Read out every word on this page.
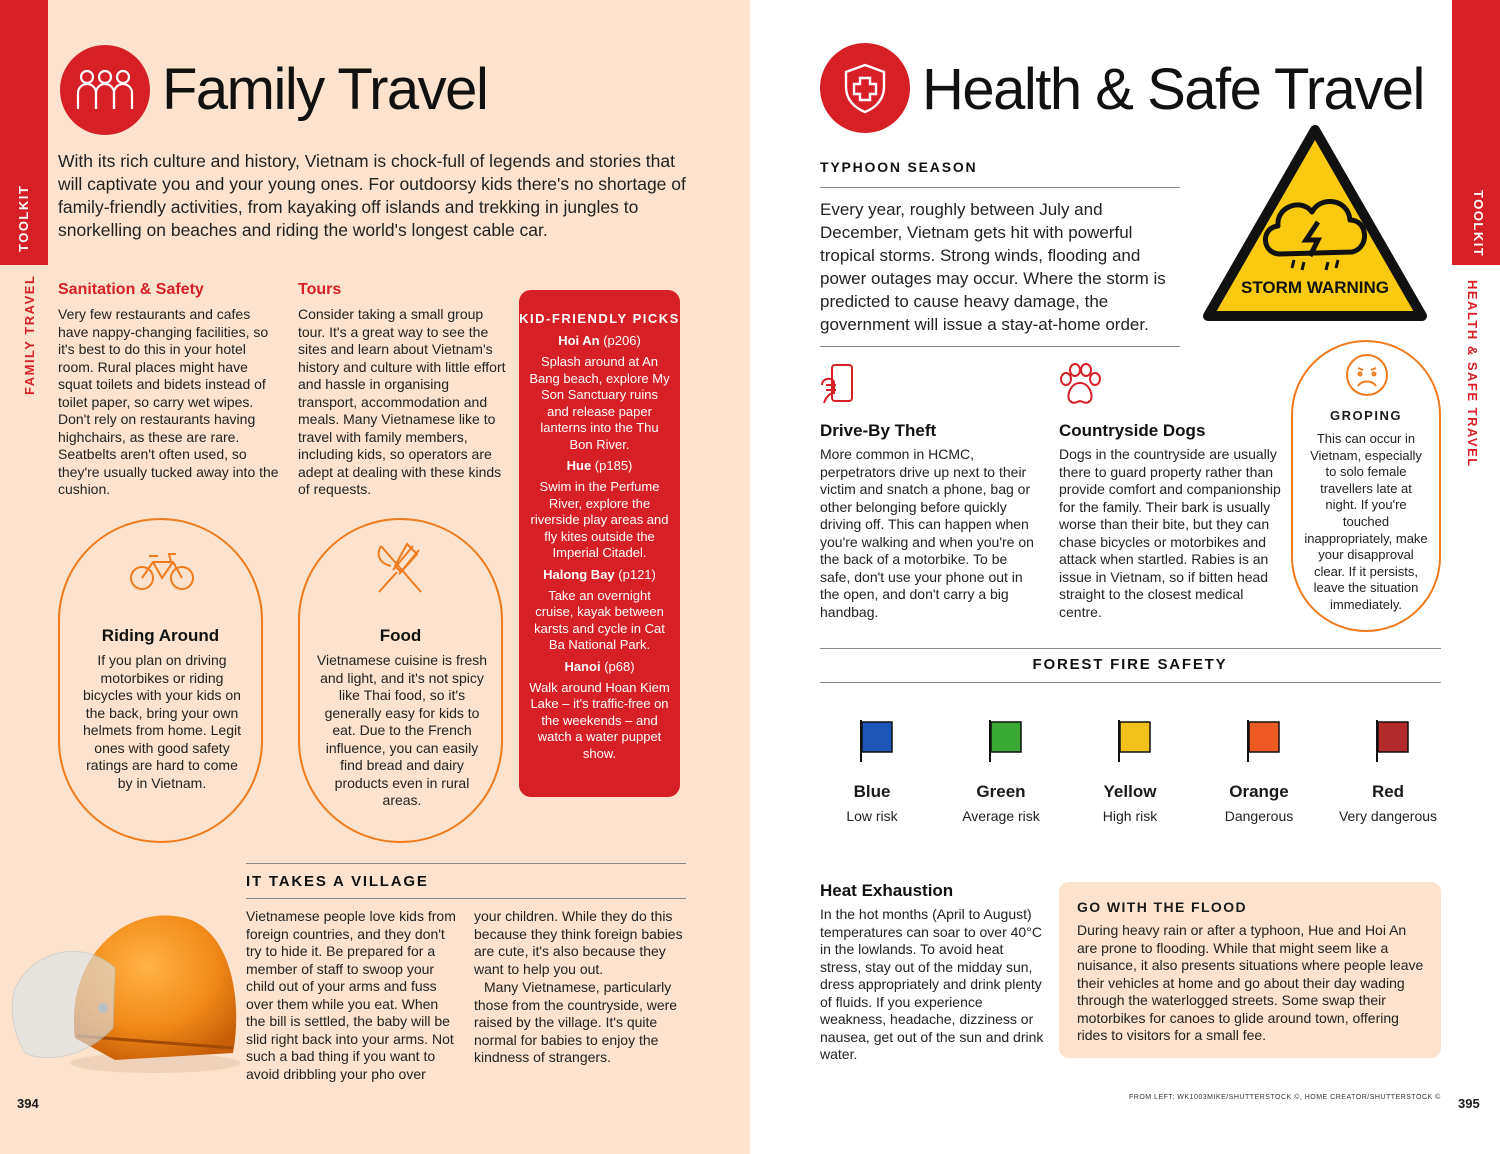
TOOLKIT
FAMILY TRAVEL
Family Travel
With its rich culture and history, Vietnam is chock-full of legends and stories that will captivate you and your young ones. For outdoorsy kids there's no shortage of family-friendly activities, from kayaking off islands and trekking in jungles to snorkelling on beaches and riding the world's longest cable car.
Sanitation & Safety
Very few restaurants and cafes have nappy-changing facilities, so it's best to do this in your hotel room. Rural places might have squat toilets and bidets instead of toilet paper, so carry wet wipes. Don't rely on restaurants having highchairs, as these are rare. Seatbelts aren't often used, so they're usually tucked away into the cushion.
Tours
Consider taking a small group tour. It's a great way to see the sites and learn about Vietnam's history and culture with little effort and hassle in organising transport, accommodation and meals. Many Vietnamese like to travel with family members, including kids, so operators are adept at dealing with these kinds of requests.
KID-FRIENDLY PICKS
Hoi An (p206)
Splash around at An Bang beach, explore My Son Sanctuary ruins and release paper lanterns into the Thu Bon River.
Hue (p185)
Swim in the Perfume River, explore the riverside play areas and fly kites outside the Imperial Citadel.
Halong Bay (p121)
Take an overnight cruise, kayak between karsts and cycle in Cat Ba National Park.
Hanoi (p68)
Walk around Hoan Kiem Lake – it's traffic-free on the weekends – and watch a water puppet show.
Riding Around
If you plan on driving motorbikes or riding bicycles with your kids on the back, bring your own helmets from home. Legit ones with good safety ratings are hard to come by in Vietnam.
Food
Vietnamese cuisine is fresh and light, and it's not spicy like Thai food, so it's generally easy for kids to eat. Due to the French influence, you can easily find bread and dairy products even in rural areas.
IT TAKES A VILLAGE
Vietnamese people love kids from foreign countries, and they don't try to hide it. Be prepared for a member of staff to swoop your child out of your arms and fuss over them while you eat. When the bill is settled, the baby will be slid right back into your arms. Not such a bad thing if you want to avoid dribbling your pho over
your children. While they do this because they think foreign babies are cute, it's also because they want to help you out.
Many Vietnamese, particularly those from the countryside, were raised by the village. It's quite normal for babies to enjoy the kindness of strangers.
394
TOOLKIT
HEALTH & SAFE TRAVEL
Health & Safe Travel
TYPHOON SEASON
Every year, roughly between July and December, Vietnam gets hit with powerful tropical storms. Strong winds, flooding and power outages may occur. Where the storm is predicted to cause heavy damage, the government will issue a stay-at-home order.
STORM WARNING
Drive-By Theft
More common in HCMC, perpetrators drive up next to their victim and snatch a phone, bag or other belonging before quickly driving off. This can happen when you're walking and when you're on the back of a motorbike. To be safe, don't use your phone out in the open, and don't carry a big handbag.
Countryside Dogs
Dogs in the countryside are usually there to guard property rather than provide comfort and companionship for the family. Their bark is usually worse than their bite, but they can chase bicycles or motorbikes and attack when startled. Rabies is an issue in Vietnam, so if bitten head straight to the closest medical centre.
GROPING
This can occur in Vietnam, especially to solo female travellers late at night. If you're touched inappropriately, make your disapproval clear. If it persists, leave the situation immediately.
FOREST FIRE SAFETY
Blue
Low risk
Green
Average risk
Yellow
High risk
Orange
Dangerous
Red
Very dangerous
Heat Exhaustion
In the hot months (April to August) temperatures can soar to over 40°C in the lowlands. To avoid heat stress, stay out of the midday sun, dress appropriately and drink plenty of fluids. If you experience weakness, headache, dizziness or nausea, get out of the sun and drink water.
GO WITH THE FLOOD
During heavy rain or after a typhoon, Hue and Hoi An are prone to flooding. While that might seem like a nuisance, it also presents situations where people leave their vehicles at home and go about their day wading through the waterlogged streets. Some swap their motorbikes for canoes to glide around town, offering rides to visitors for a small fee.
FROM LEFT: WK1003MIKE/SHUTTERSTOCK ©, HOME CREATOR/SHUTTERSTOCK © 395
